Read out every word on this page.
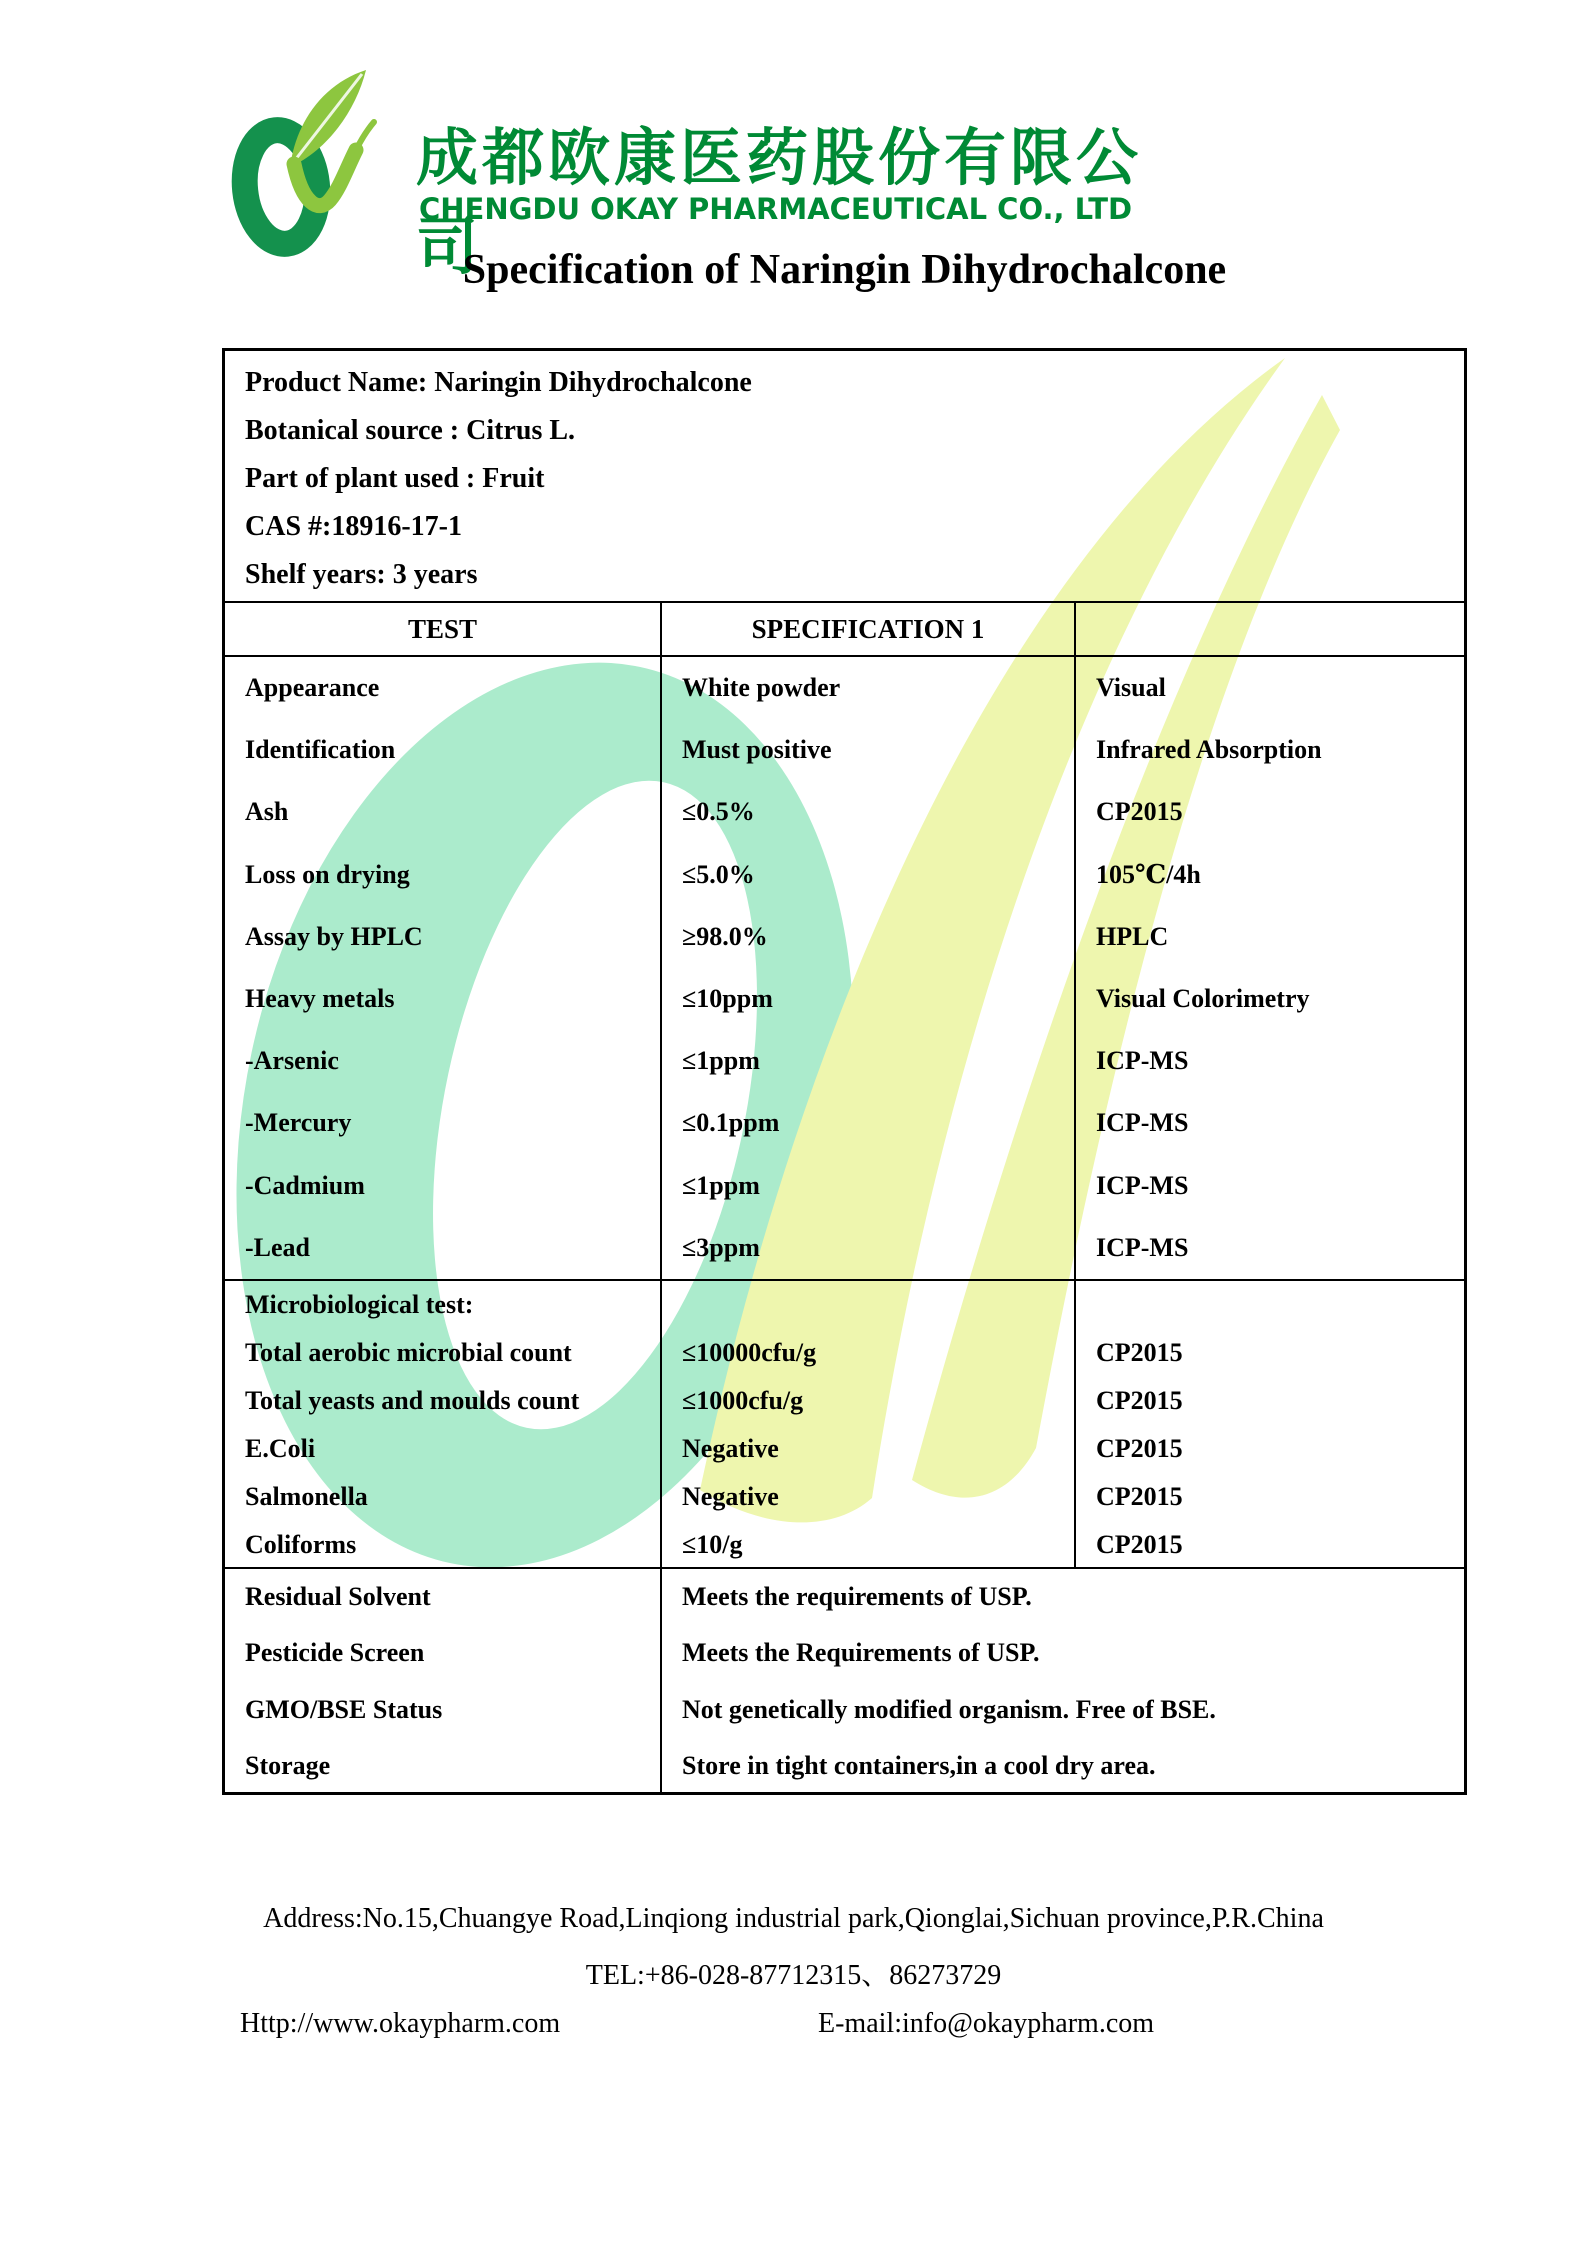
成都欧康医药股份有限公司
CHENGDU OKAY PHARMACEUTICAL CO., LTD
Specification of Naringin Dihydrochalcone
Product Name: Naringin Dihydrochalcone
Botanical source : Citrus L.
Part of plant used : Fruit
CAS #:18916-17-1
Shelf years: 3 years
TEST	SPECIFICATION 1
Appearance	White powder	Visual
Identification	Must positive	Infrared Absorption
Ash	≤0.5%	CP2015
Loss on drying	≤5.0%	105℃/4h
Assay by HPLC	≥98.0%	HPLC
Heavy metals	≤10ppm	Visual Colorimetry
-Arsenic	≤1ppm	ICP-MS
-Mercury	≤0.1ppm	ICP-MS
-Cadmium	≤1ppm	ICP-MS
-Lead	≤3ppm	ICP-MS
Microbiological test:
Total aerobic microbial count	≤10000cfu/g	CP2015
Total yeasts and moulds count	≤1000cfu/g	CP2015
E.Coli	Negative	CP2015
Salmonella	Negative	CP2015
Coliforms	≤10/g	CP2015
Residual Solvent	Meets the requirements of USP.
Pesticide Screen	Meets the Requirements of USP.
GMO/BSE Status	Not genetically modified organism. Free of BSE.
Storage	Store in tight containers,in a cool dry area.
Address:No.15,Chuangye Road,Linqiong industrial park,Qionglai,Sichuan province,P.R.China
TEL:+86-028-87712315、86273729
Http://www.okaypharm.com	E-mail:info@okaypharm.com
